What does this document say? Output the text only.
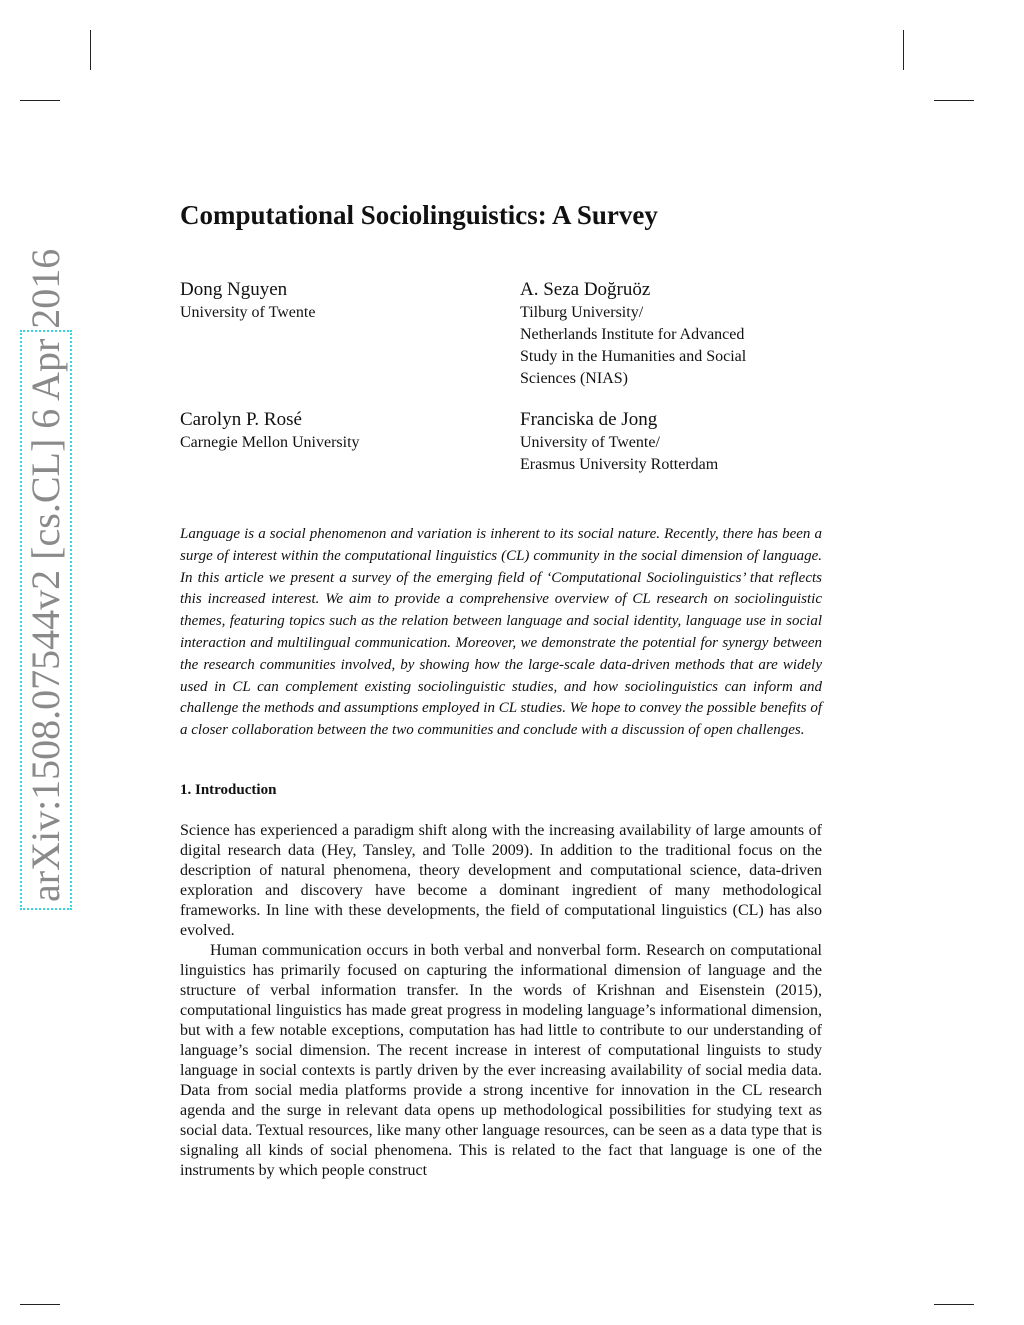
arXiv:1508.07544v2 [cs.CL] 6 Apr 2016
Computational Sociolinguistics: A Survey
Dong Nguyen
University of Twente
A. Seza Doğruöz
Tilburg University/
Netherlands Institute for Advanced
Study in the Humanities and Social
Sciences (NIAS)
Carolyn P. Rosé
Carnegie Mellon University
Franciska de Jong
University of Twente/
Erasmus University Rotterdam
Language is a social phenomenon and variation is inherent to its social nature. Recently, there has been a surge of interest within the computational linguistics (CL) community in the social dimension of language. In this article we present a survey of the emerging field of ‘Computational Sociolinguistics’ that reflects this increased interest. We aim to provide a comprehensive overview of CL research on sociolinguistic themes, featuring topics such as the relation between language and social identity, language use in social interaction and multilingual communication. Moreover, we demonstrate the potential for synergy between the research communities involved, by showing how the large-scale data-driven methods that are widely used in CL can complement existing sociolinguistic studies, and how sociolinguistics can inform and challenge the methods and assumptions employed in CL studies. We hope to convey the possible benefits of a closer collaboration between the two communities and conclude with a discussion of open challenges.
1. Introduction

Science has experienced a paradigm shift along with the increasing availability of large amounts of digital research data (Hey, Tansley, and Tolle 2009). In addition to the traditional focus on the description of natural phenomena, theory development and computational science, data-driven exploration and discovery have become a dominant ingredient of many methodological frameworks. In line with these developments, the field of computational linguistics (CL) has also evolved.

Human communication occurs in both verbal and nonverbal form. Research on computational linguistics has primarily focused on capturing the informational dimension of language and the structure of verbal information transfer. In the words of Krishnan and Eisenstein (2015), computational linguistics has made great progress in modeling language’s informational dimension, but with a few notable exceptions, computation has had little to contribute to our understanding of language’s social dimension. The recent increase in interest of computational linguists to study language in social contexts is partly driven by the ever increasing availability of social media data. Data from social media platforms provide a strong incentive for innovation in the CL research agenda and the surge in relevant data opens up methodological possibilities for studying text as social data. Textual resources, like many other language resources, can be seen as a data type that is signaling all kinds of social phenomena. This is related to the fact that language is one of the instruments by which people construct
